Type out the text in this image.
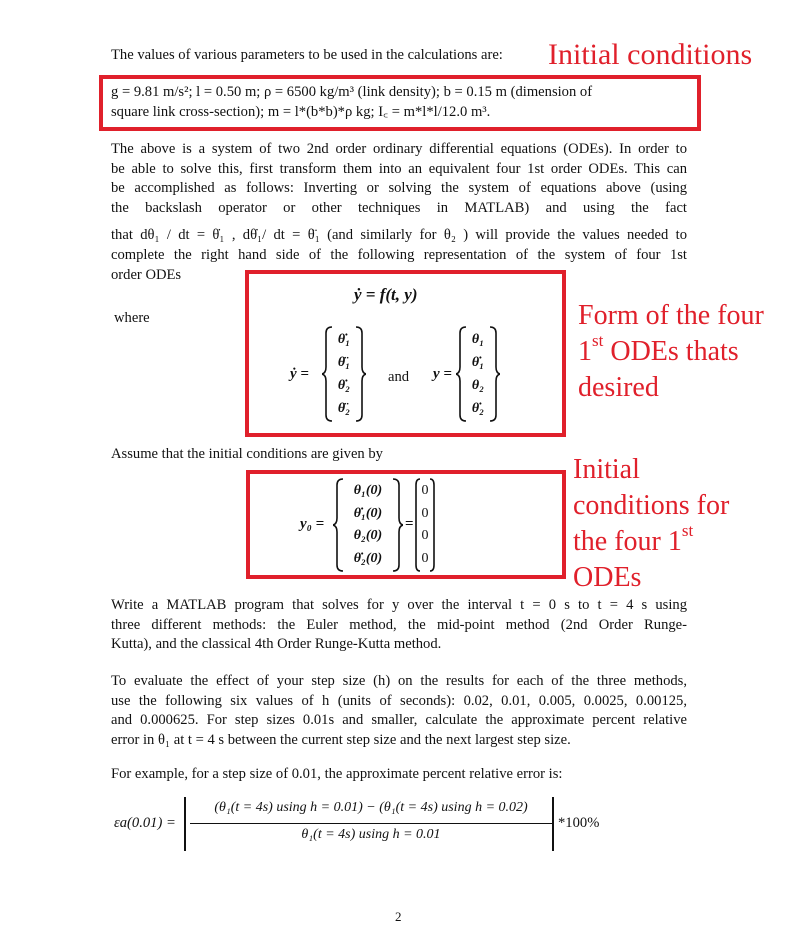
The values of various parameters to be used in the calculations are: Initial conditions
g = 9.81 m/s²; l = 0.50 m; ρ = 6500 kg/m³ (link density); b = 0.15 m (dimension of
square link cross-section); m = l*(b*b)*ρ kg; I꜀ = m*l*l/12.0 m³.
The above is a system of two 2nd order ordinary differential equations (ODEs). In order to
be able to solve this, first transform them into an equivalent four 1st order ODEs. This can
be accomplished as follows: Inverting or solving the system of equations above (using
the backslash operator or other techniques in MATLAB) and using the fact
that dθ₁ / dt = θ̇₁ , dθ̇₁/ dt = θ̈₁ (and similarly for θ₂ ) will provide the values needed to
complete the right hand side of the following representation of the system of four 1st
order ODEs
ẏ = f(t, y)
where
ẏ =
θ̇₁
θ̈₁
θ̇₂
θ̈₂
and y =
θ₁
θ̇₁
θ₂
θ̇₂
Form of the four
1st ODEs thats
desired
Assume that the initial conditions are given by
y₀ =
θ₁(0)
θ̇₁(0)
θ₂(0)
θ̇₂(0)
=
0
0
0
0
Initial
conditions for
the four 1st
ODEs
Write a MATLAB program that solves for y over the interval t = 0 s to t = 4 s using
three different methods: the Euler method, the mid-point method (2nd Order Runge-
Kutta), and the classical 4th Order Runge-Kutta method.
To evaluate the effect of your step size (h) on the results for each of the three methods,
use the following six values of h (units of seconds): 0.02, 0.01, 0.005, 0.0025, 0.00125,
and 0.000625. For step sizes 0.01s and smaller, calculate the approximate percent relative
error in θ₁ at t = 4 s between the current step size and the next largest step size.
For example, for a step size of 0.01, the approximate percent relative error is:
εa(0.01) =
(θ₁(t = 4s) using h = 0.01) − (θ₁(t = 4s) using h = 0.02)
θ₁(t = 4s) using h = 0.01
*100%
2
